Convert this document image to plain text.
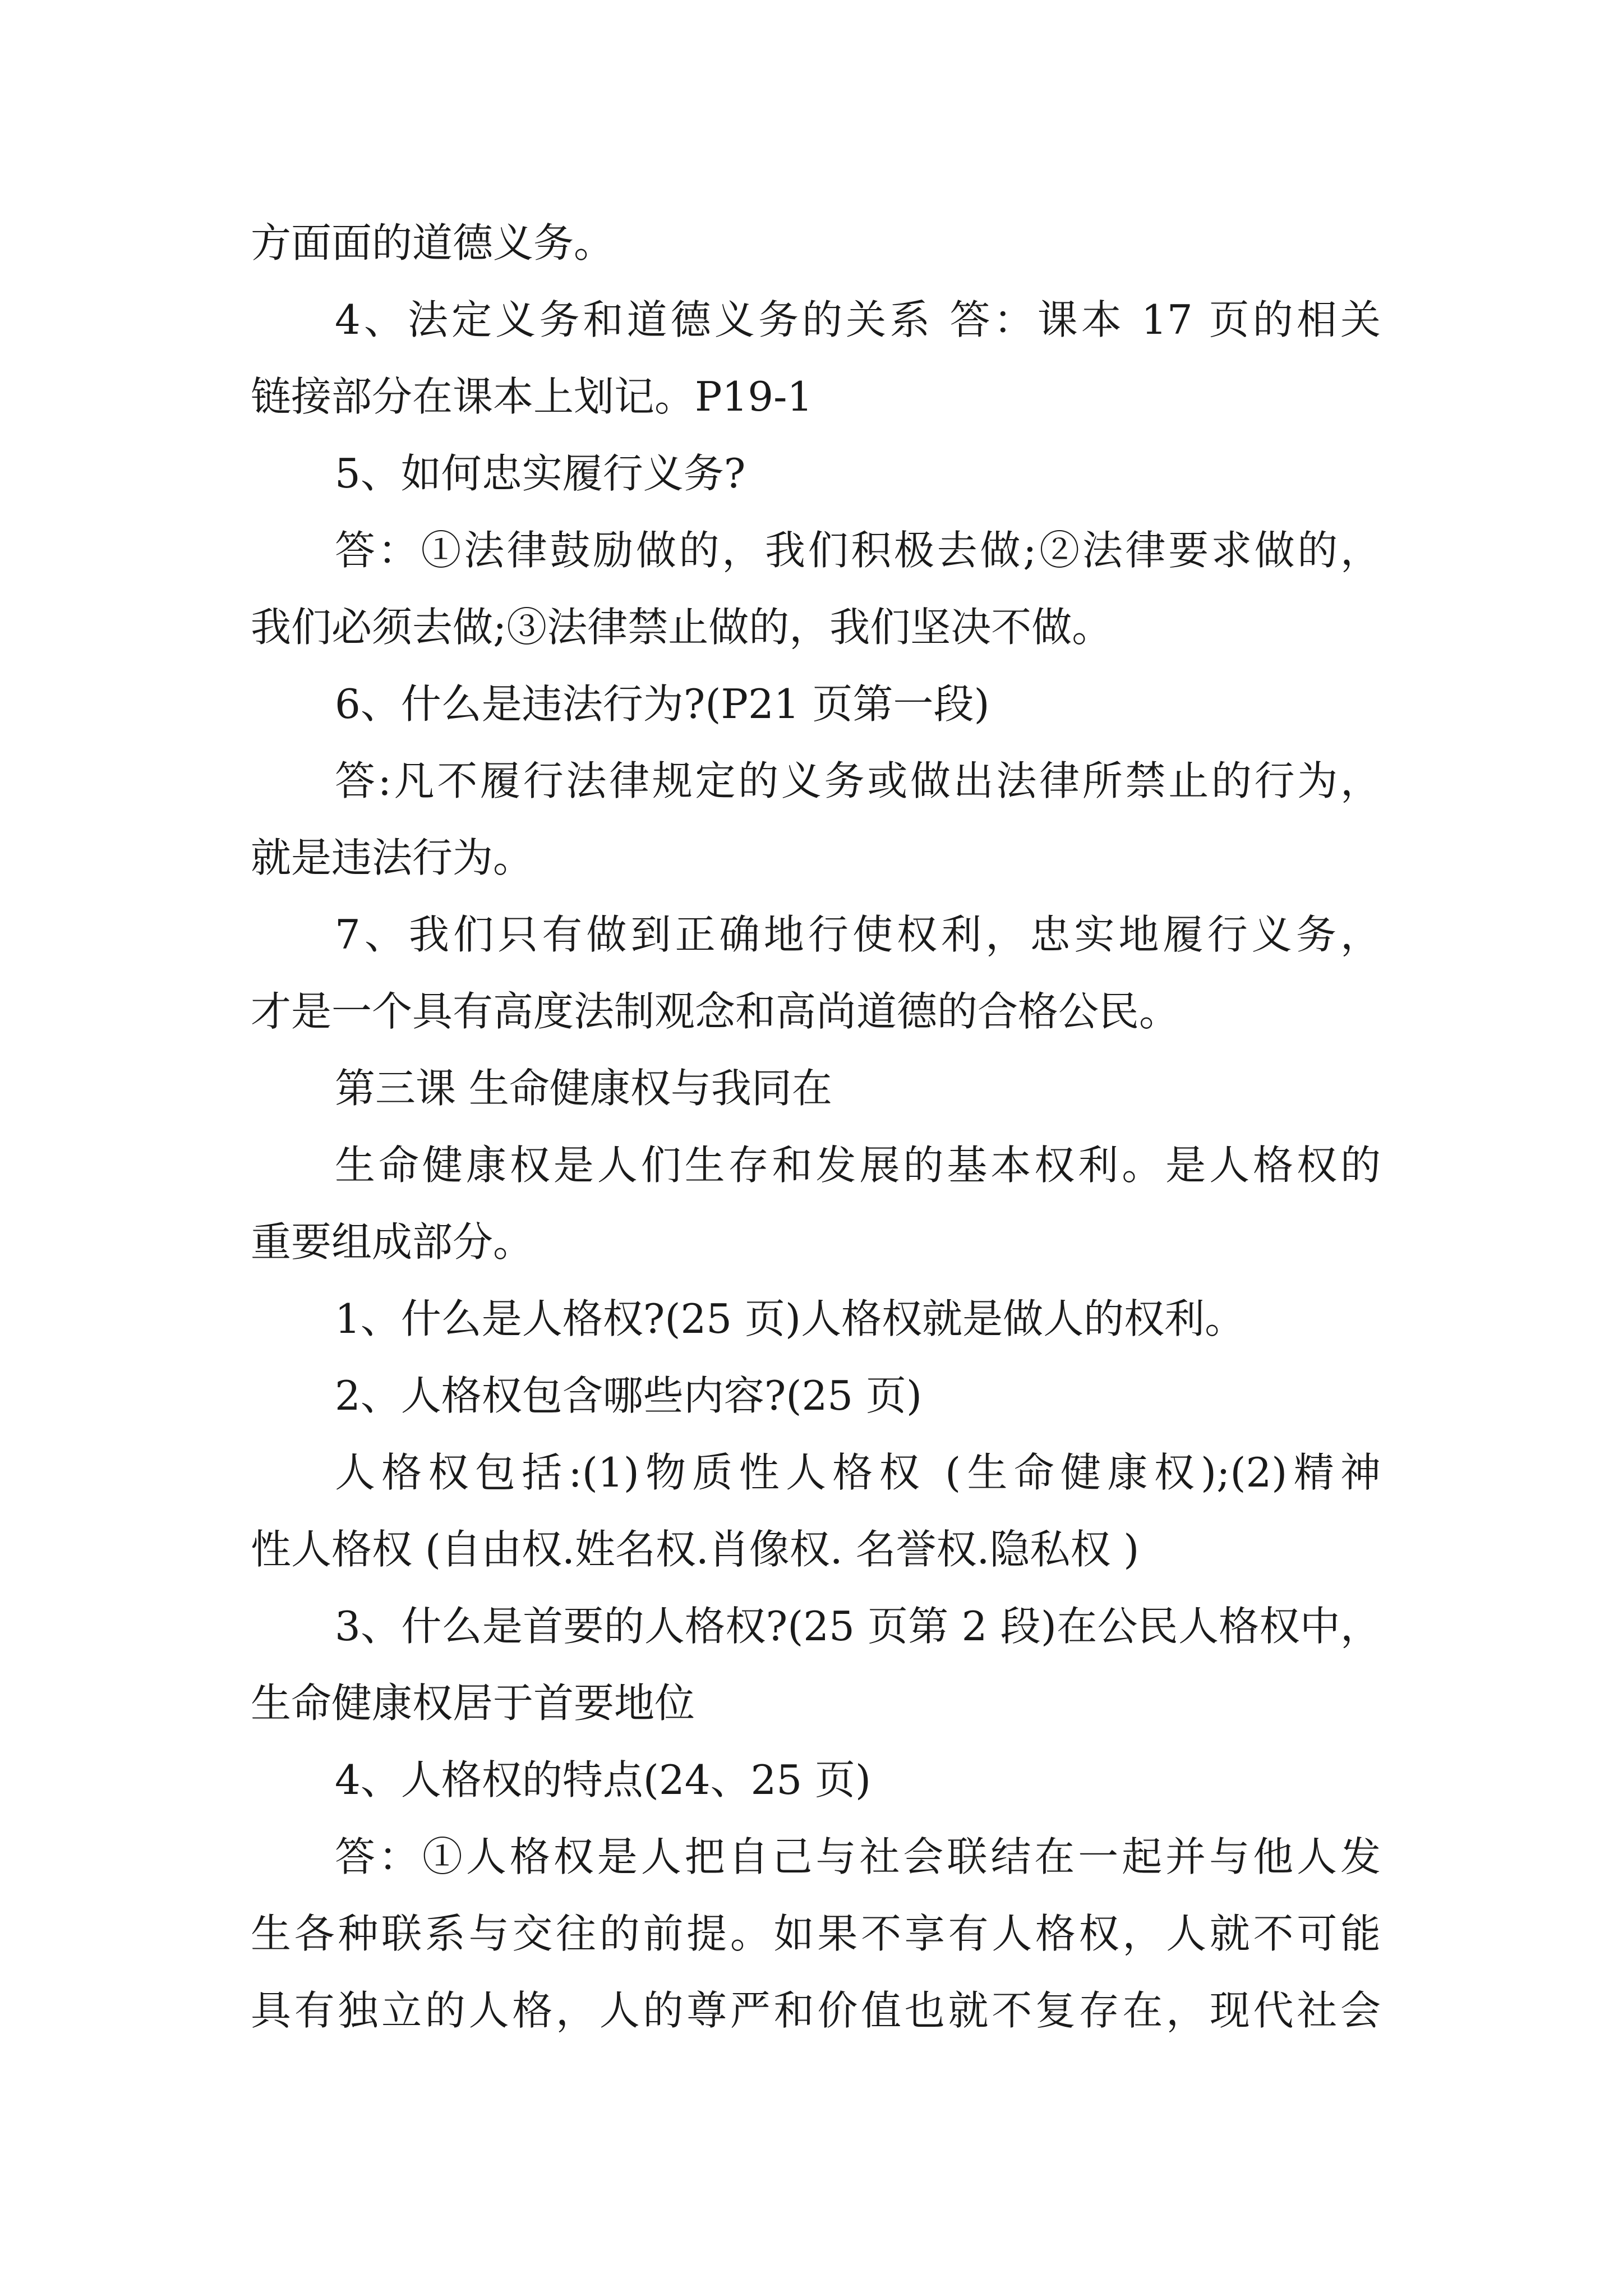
方面面的道德义务。

4、法定义务和道德义务的关系 答：课本 17 页的相关

链接部分在课本上划记。P19-1

5、如何忠实履行义务?

答：①法律鼓励做的，我们积极去做;②法律要求做的，

我们必须去做;③法律禁止做的，我们坚决不做。

6、什么是违法行为?(P21 页第一段)

答:凡不履行法律规定的义务或做出法律所禁止的行为，

就是违法行为。

7、我们只有做到正确地行使权利，忠实地履行义务，

才是一个具有高度法制观念和高尚道德的合格公民。

第三课 生命健康权与我同在

生命健康权是人们生存和发展的基本权利。是人格权的

重要组成部分。

1、什么是人格权?(25 页)人格权就是做人的权利。

2、人格权包含哪些内容?(25 页)

人格权包括:(1)物质性人格权 (生命健康权);(2)精神

性人格权 (自由权.姓名权.肖像权. 名誉权.隐私权 )

3、什么是首要的人格权?(25 页第 2 段)在公民人格权中，

生命健康权居于首要地位

4、人格权的特点(24、25 页)

答：①人格权是人把自己与社会联结在一起并与他人发

生各种联系与交往的前提。如果不享有人格权，人就不可能

具有独立的人格，人的尊严和价值也就不复存在，现代社会
